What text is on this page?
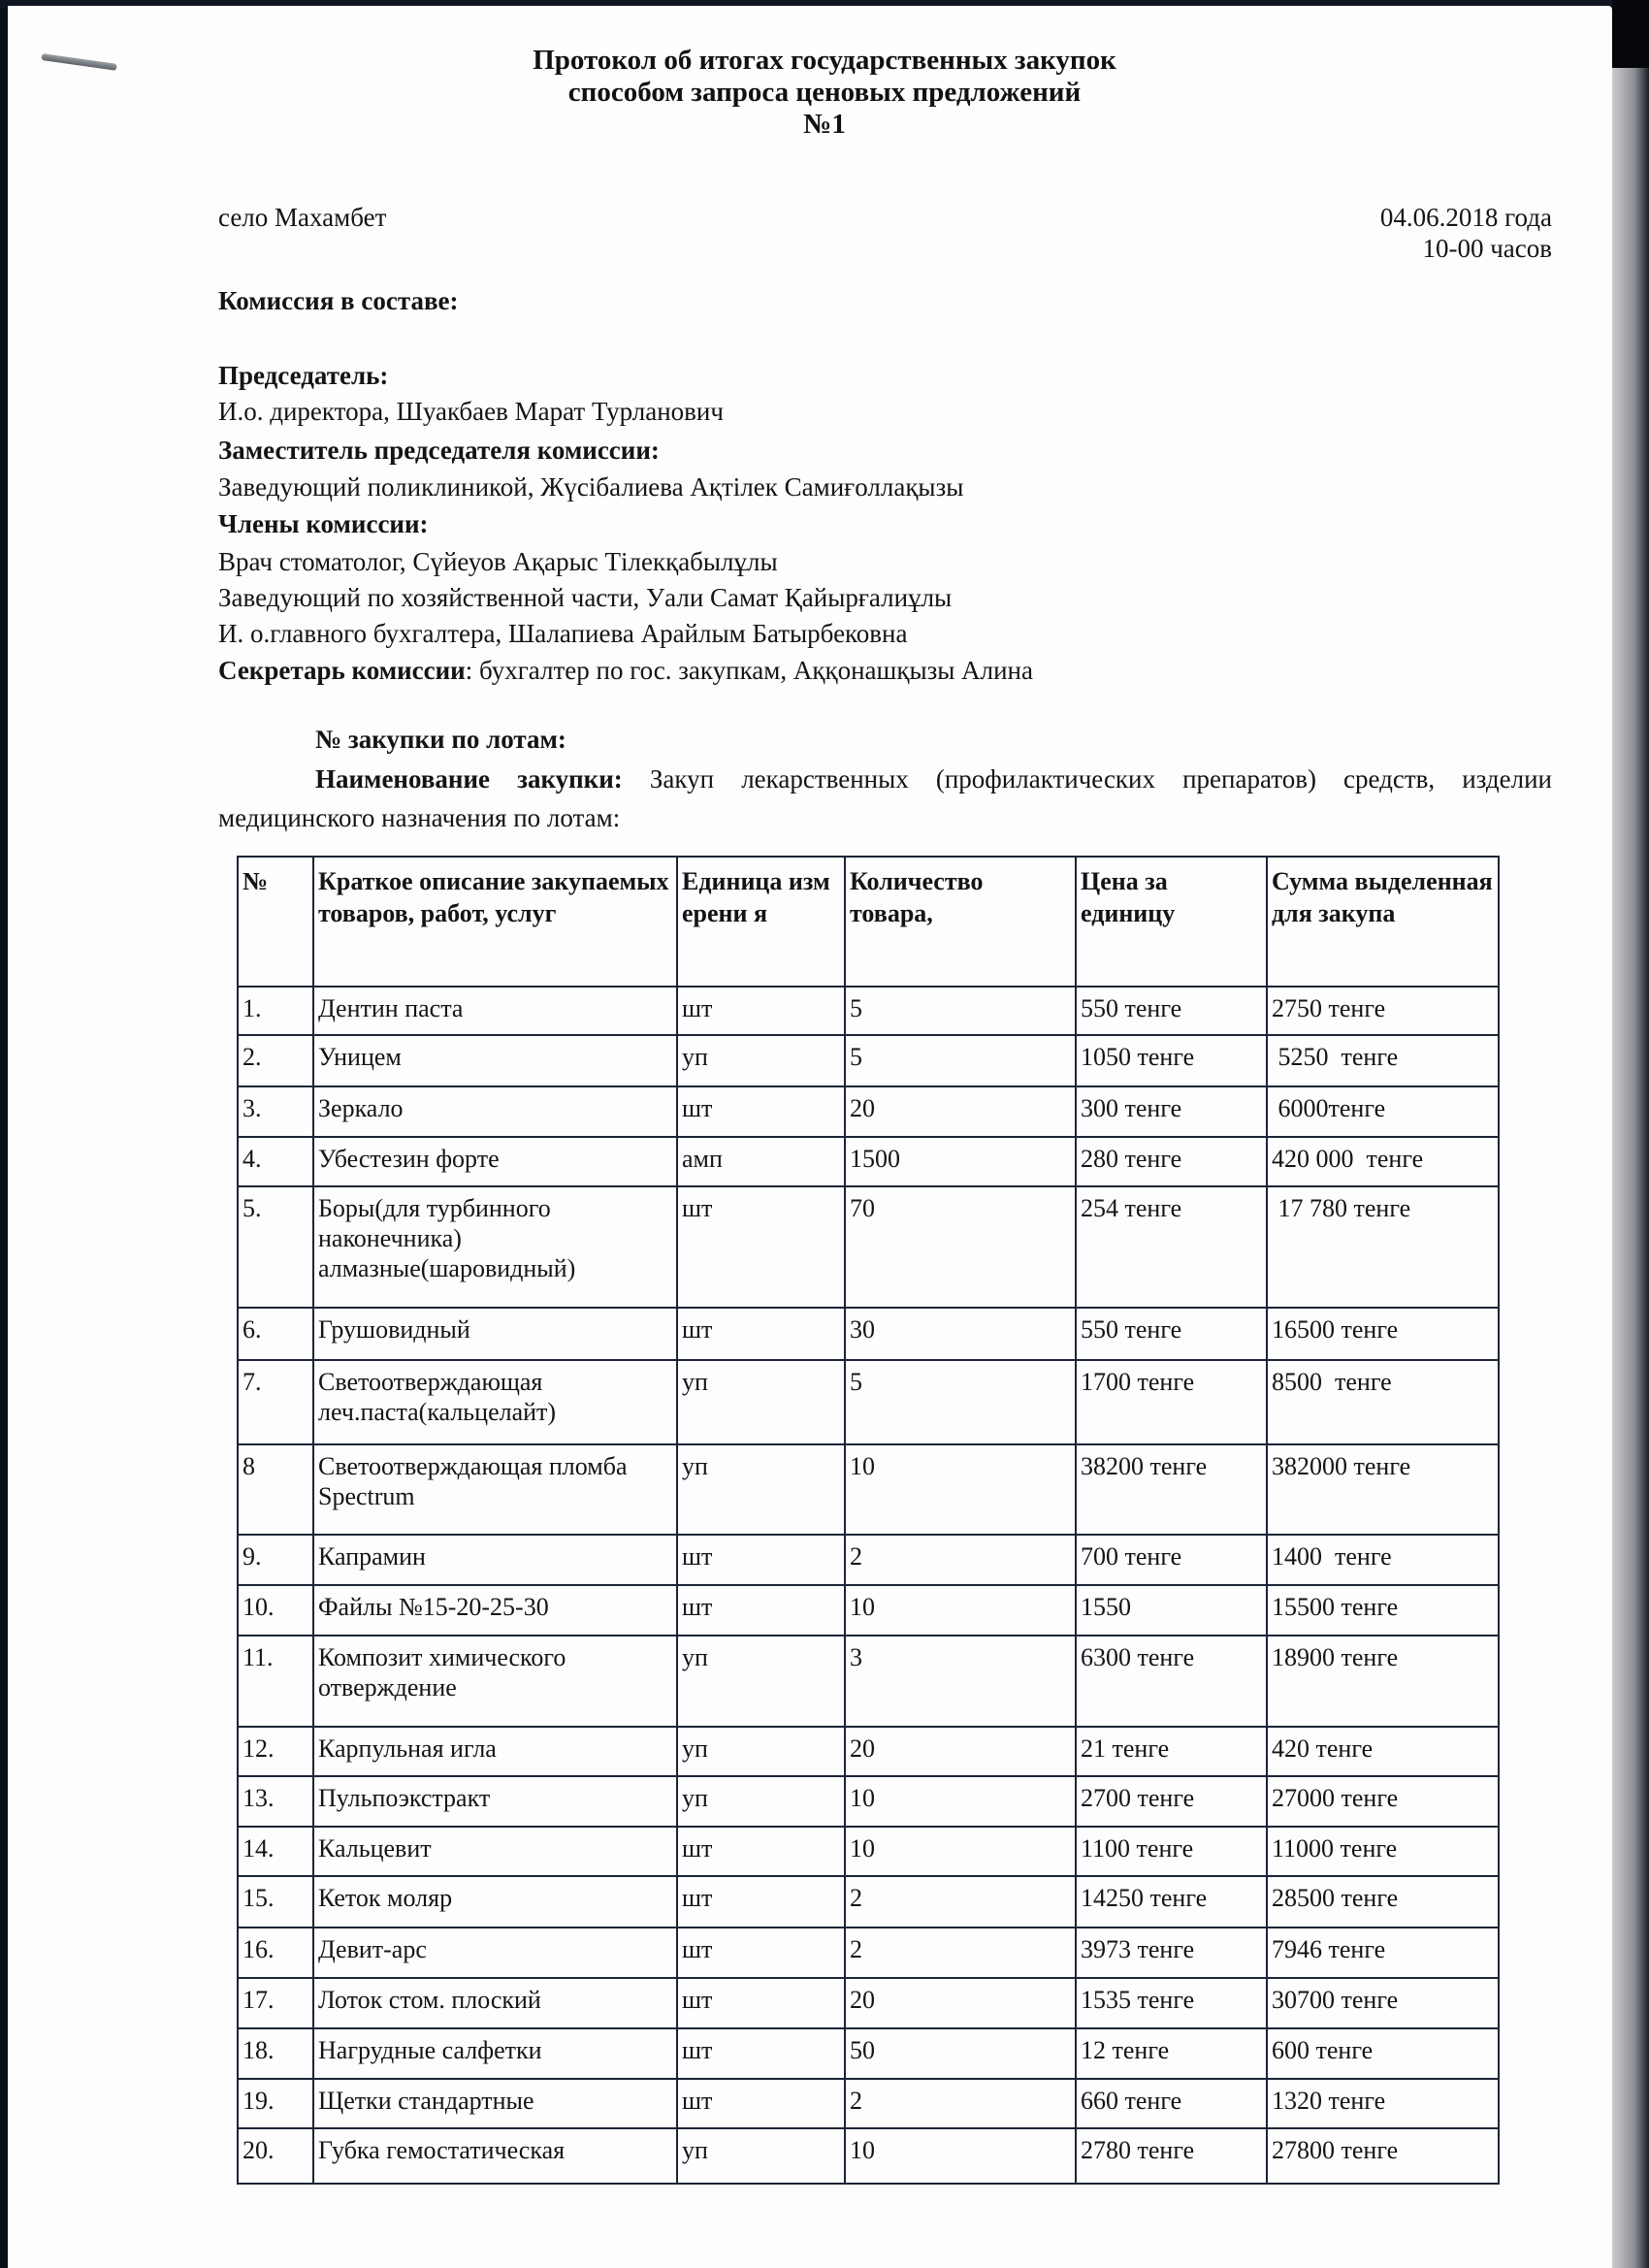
Протокол об итогах государственных закупок
способом запроса ценовых предложений
№1
село Махамбет	04.06.2018 года
10-00 часов
Комиссия в составе:
Председатель:
И.о. директора, Шуакбаев Марат Турланович
Заместитель председателя комиссии:
Заведующий поликлиникой, Жүсібалиева Ақтілек Самиғоллақызы
Члены комиссии:
Врач стоматолог, Сүйеуов Ақарыс Тілекқабылұлы
Заведующий по хозяйственной части, Уали Самат Қайырғалиұлы
И. о.главного бухгалтера, Шалапиева Арайлым Батырбековна
Секретарь комиссии: бухгалтер по гос. закупкам, Аққонашқызы Алина
№ закупки по лотам:
Наименование закупки: Закуп лекарственных (профилактических препаратов) средств, изделии медицинского назначения по лотам:
№	Краткое описание закупаемых товаров, работ, услуг	Единица измерени я	Количество товара,	Цена за единицу	Сумма выделенная для закупа
1.	Дентин паста	шт	5	550 тенге	2750 тенге
2.	Уницем	уп	5	1050 тенге	5250  тенге
3.	Зеркало	шт	20	300 тенге	6000тенге
4.	Убестезин форте	амп	1500	280 тенге	420 000  тенге
5.	Боры(для турбинного наконечника) алмазные(шаровидный)	шт	70	254 тенге	17 780 тенге
6.	Грушовидный	шт	30	550 тенге	16500 тенге
7.	Светоотверждающая леч.паста(кальцелайт)	уп	5	1700 тенге	8500  тенге
8	Светоотверждающая пломба Spectrum	уп	10	38200 тенге	382000 тенге
9.	Капрамин	шт	2	700 тенге	1400  тенге
10.	Файлы №15-20-25-30	шт	10	1550	15500 тенге
11.	Композит химического отверждение	уп	3	6300 тенге	18900 тенге
12.	Карпульная игла	уп	20	21 тенге	420 тенге
13.	Пульпоэкстракт	уп	10	2700 тенге	27000 тенге
14.	Кальцевит	шт	10	1100 тенге	11000 тенге
15.	Кеток моляр	шт	2	14250 тенге	28500 тенге
16.	Девит-арс	шт	2	3973 тенге	7946 тенге
17.	Лоток стом. плоский	шт	20	1535 тенге	30700 тенге
18.	Нагрудные салфетки	шт	50	12 тенге	600 тенге
19.	Щетки стандартные	шт	2	660 тенге	1320 тенге
20.	Губка гемостатическая	уп	10	2780 тенге	27800 тенге
